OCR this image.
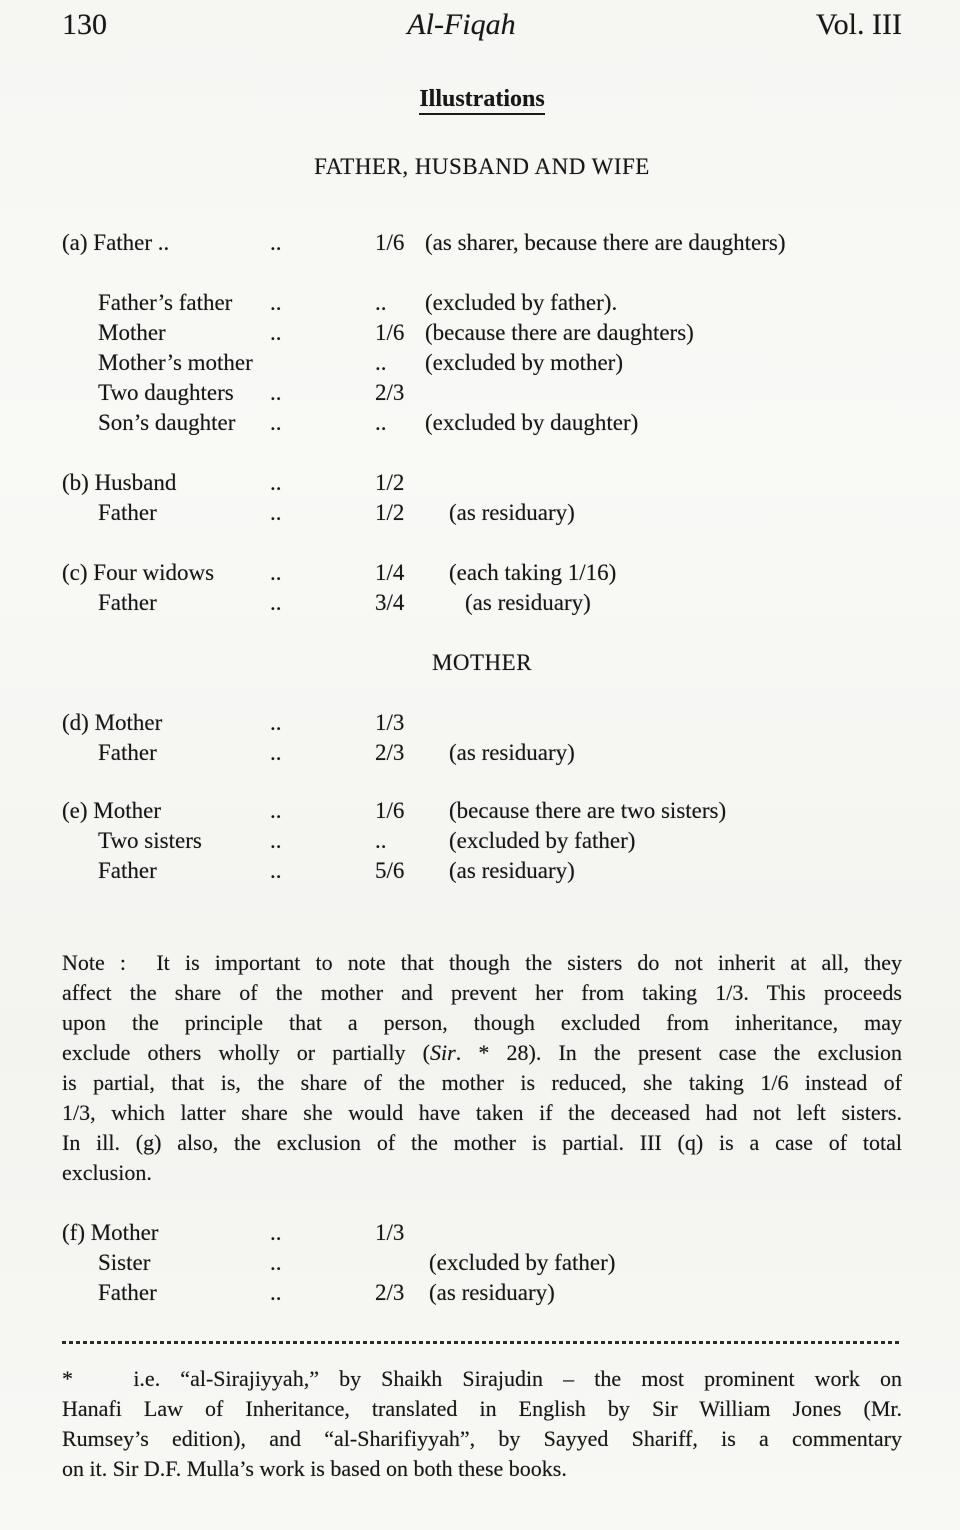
130	Al-Fiqah	Vol. III
Illustrations
FATHER, HUSBAND AND WIFE
(a) Father ..	..	1/6 (as sharer, because there are daughters)
Father’s father	..	..	(excluded by father).
Mother	..	1/6 (because there are daughters)
Mother’s mother	..	(excluded by mother)
Two daughters	..	2/3
Son’s daughter	..	..	(excluded by daughter)
(b) Husband	..	1/2
Father	..	1/2	(as residuary)
(c) Four widows	..	1/4	(each taking 1/16)
Father	..	3/4	(as residuary)
MOTHER
(d) Mother	..	1/3
Father	..	2/3	(as residuary)
(e) Mother	..	1/6	(because there are two sisters)
Two sisters	..	..	(excluded by father)
Father	..	5/6	(as residuary)
Note :  It is important to note that though the sisters do not inherit at all, they
affect the share of the mother and prevent her from taking 1/3. This proceeds
upon the principle that a person, though excluded from inheritance, may
exclude others wholly or partially (Sir. * 28). In the present case the exclusion
is partial, that is, the share of the mother is reduced, she taking 1/6 instead of
1/3, which latter share she would have taken if the deceased had not left sisters.
In ill. (g) also, the exclusion of the mother is partial. III (q) is a case of total
exclusion.
(f) Mother	..	1/3
Sister	..	(excluded by father)
Father	..	2/3	(as residuary)
*   i.e. “al-Sirajiyyah,” by Shaikh Sirajudin – the most prominent work on
Hanafi Law of Inheritance, translated in English by Sir William Jones (Mr.
Rumsey’s edition), and “al-Sharifiyyah”, by Sayyed Shariff, is a commentary
on it. Sir D.F. Mulla’s work is based on both these books.
